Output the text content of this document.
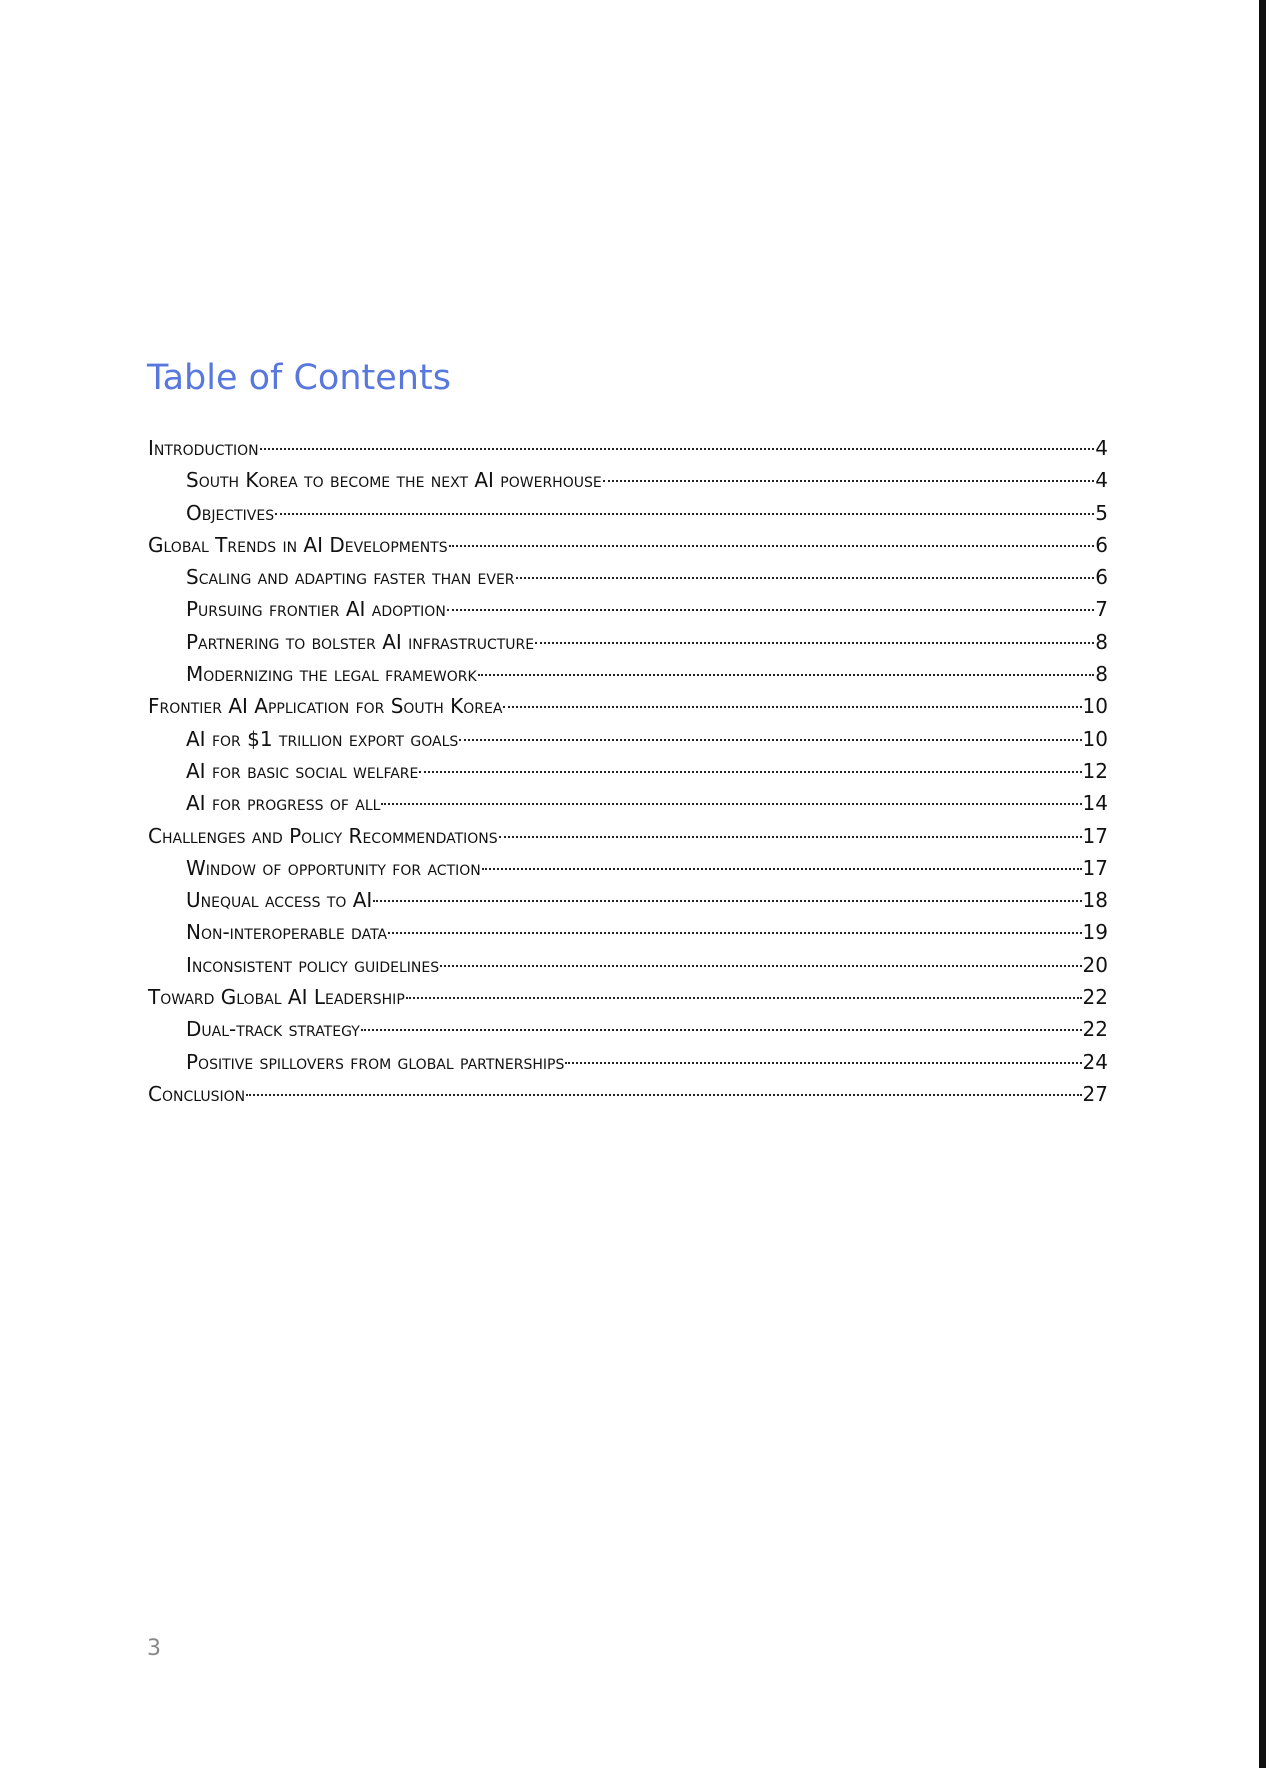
Table of Contents
Introduction	4
South Korea to become the next AI powerhouse	4
Objectives	5
Global Trends in AI Developments	6
Scaling and adapting faster than ever	6
Pursuing frontier AI adoption	7
Partnering to bolster AI infrastructure	8
Modernizing the legal framework	8
Frontier AI Application for South Korea	10
AI for $1 trillion export goals	10
AI for basic social welfare	12
AI for progress of all	14
Challenges and Policy Recommendations	17
Window of opportunity for action	17
Unequal access to AI	18
Non-interoperable data	19
Inconsistent policy guidelines	20
Toward Global AI Leadership	22
Dual-track strategy	22
Positive spillovers from global partnerships	24
Conclusion	27
3
